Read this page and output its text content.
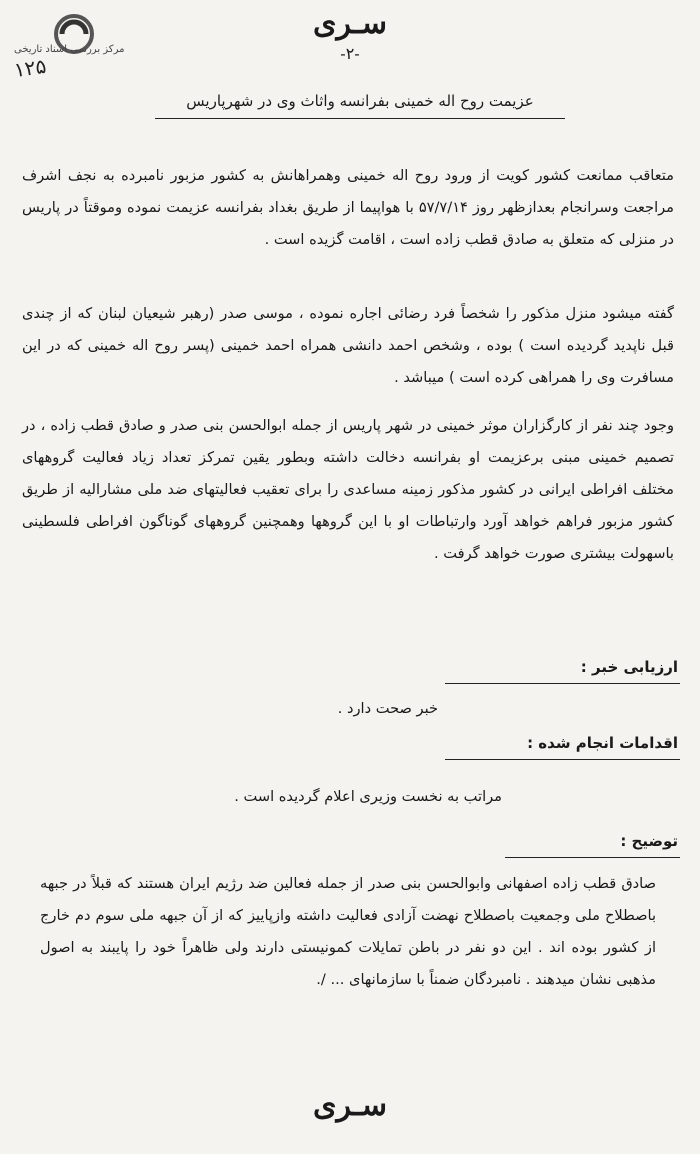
مرکز بررسی اسناد تاریخی
۱۲۵
سـری
-۲-
عزیمت روح اله خمینی بفرانسه واثاث وی در شهرپاریس
متعاقب ممانعت کشور کویت از ورود روح اله خمینی وهمراهانش به کشور مزبور نامبرده به نجف اشرف مراجعت وسرانجام بعدازظهر روز ۵۷/۷/۱۴ با هواپیما از طریق بغداد بفرانسه عزیمت نموده وموقتاً در پاریس در منزلی که متعلق به صادق قطب زاده است ، اقامت گزیده است .
گفته میشود منزل مذکور را شخصاً فرد رضائی اجاره نموده ، موسی صدر (رهبر شیعیان لبنان که از چندی قبل ناپدید گردیده است ) بوده ، وشخص احمد دانشی همراه احمد خمینی (پسر روح اله خمینی که در این مسافرت وی را همراهی کرده است ) میباشد .
وجود چند نفر از کارگزاران موثر خمینی در شهر پاریس از جمله ابوالحسن بنی صدر و صادق قطب زاده ، در تصمیم خمینی مبنی برعزیمت او بفرانسه دخالت داشته وبطور یقین تمرکز تعداد زیاد فعالیت گروههای مختلف افراطی ایرانی در کشور مذکور زمینه مساعدی را برای تعقیب فعالیتهای ضد ملی مشارالیه از طریق کشور مزبور فراهم خواهد آورد وارتباطات او با این گروهها وهمچنین گروههای گوناگون افراطی فلسطینی باسهولت بیشتری صورت خواهد گرفت .
ارزیابی خبر :
خبر صحت دارد .
اقدامات انجام شده :
مراتب به نخست وزیری اعلام گردیده است .
توضیح :
صادق قطب زاده اصفهانی وابوالحسن بنی صدر از جمله فعالین ضد رژیم ایران هستند که قبلاً در جبهه باصطلاح ملی وجمعیت باصطلاح نهضت آزادی فعالیت داشته وازپاییز که از آن جبهه ملی سوم دم خارج از کشور بوده اند . این دو نفر در باطن تمایلات کمونیستی دارند ولی ظاهراً خود را پایبند به اصول مذهبی نشان میدهند . نامبردگان ضمناً با سازمانهای ... /.
سـری
